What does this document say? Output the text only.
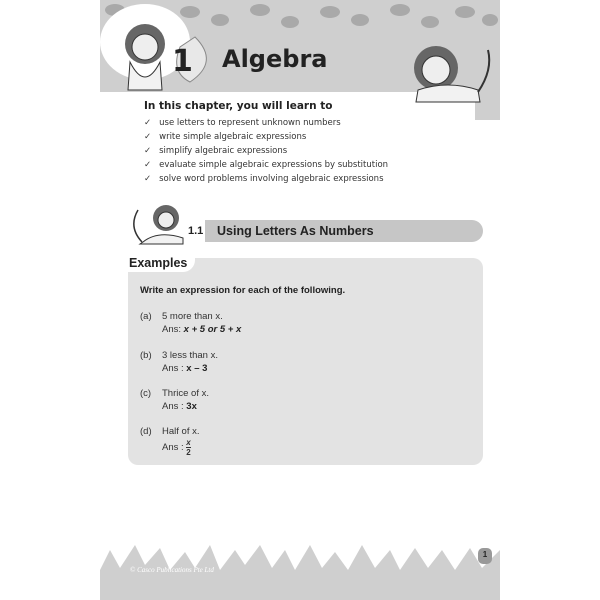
1 Algebra
In this chapter, you will learn to
✓ use letters to represent unknown numbers
✓ write simple algebraic expressions
✓ simplify algebraic expressions
✓ evaluate simple algebraic expressions by substitution
✓ solve word problems involving algebraic expressions
1.1 Using Letters As Numbers
Examples
Write an expression for each of the following.
(a) 5 more than x.
Ans: x + 5 or 5 + x
(b) 3 less than x.
Ans : x – 3
(c) Thrice of x.
Ans : 3x
(d) Half of x.
Ans : $\frac{x}{2}$
© Casco Publications Pte Ltd
1
